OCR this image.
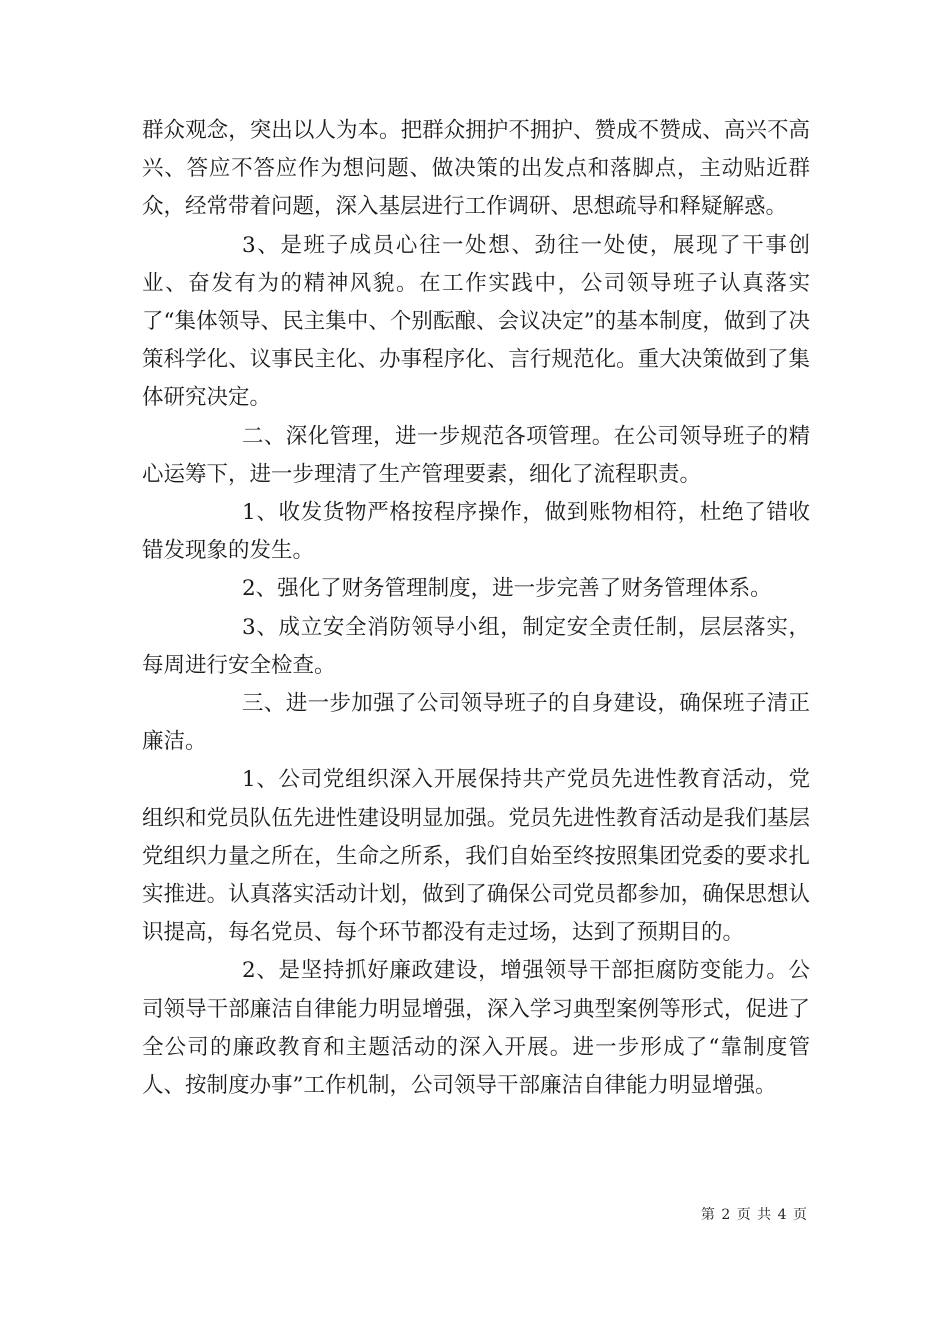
群众观念，突出以人为本。把群众拥护不拥护、赞成不赞成、高兴不高兴、答应不答应作为想问题、做决策的出发点和落脚点，主动贴近群众，经常带着问题，深入基层进行工作调研、思想疏导和释疑解惑。

3、是班子成员心往一处想、劲往一处使，展现了干事创业、奋发有为的精神风貌。在工作实践中，公司领导班子认真落实了“集体领导、民主集中、个别酝酿、会议决定”的基本制度，做到了决策科学化、议事民主化、办事程序化、言行规范化。重大决策做到了集体研究决定。

二、深化管理，进一步规范各项管理。在公司领导班子的精心运筹下，进一步理清了生产管理要素，细化了流程职责。

1、收发货物严格按程序操作，做到账物相符，杜绝了错收错发现象的发生。

2、强化了财务管理制度，进一步完善了财务管理体系。

3、成立安全消防领导小组，制定安全责任制，层层落实，每周进行安全检查。

三、进一步加强了公司领导班子的自身建设，确保班子清正廉洁。

1、公司党组织深入开展保持共产党员先进性教育活动，党组织和党员队伍先进性建设明显加强。党员先进性教育活动是我们基层党组织力量之所在，生命之所系，我们自始至终按照集团党委的要求扎实推进。认真落实活动计划，做到了确保公司党员都参加，确保思想认识提高，每名党员、每个环节都没有走过场，达到了预期目的。

2、是坚持抓好廉政建设，增强领导干部拒腐防变能力。公司领导干部廉洁自律能力明显增强，深入学习典型案例等形式，促进了全公司的廉政教育和主题活动的深入开展。进一步形成了“靠制度管人、按制度办事”工作机制，公司领导干部廉洁自律能力明显增强。

第 2 页 共 4 页
